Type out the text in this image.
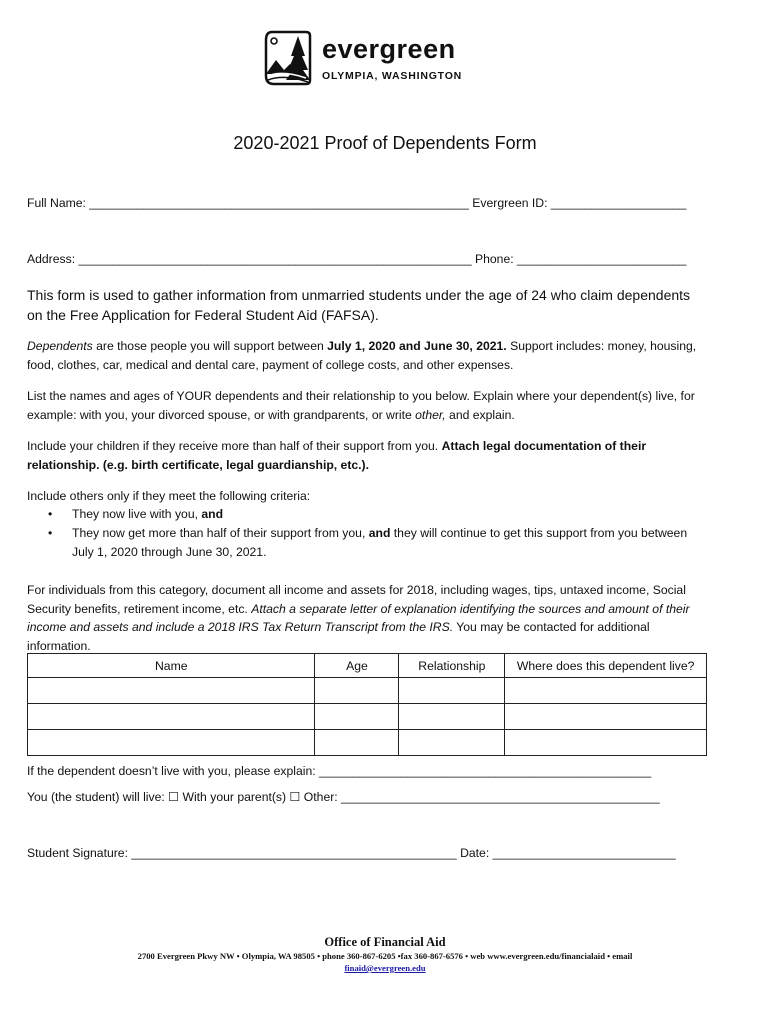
evergreen
OLYMPIA, WASHINGTON
2020-2021 Proof of Dependents Form
Full Name: ________________________________________________________ Evergreen ID: ____________________
Address: __________________________________________________________ Phone: _________________________
This form is used to gather information from unmarried students under the age of 24 who claim dependents on the Free Application for Federal Student Aid (FAFSA).
Dependents are those people you will support between July 1, 2020 and June 30, 2021. Support includes: money, housing, food, clothes, car, medical and dental care, payment of college costs, and other expenses.
List the names and ages of YOUR dependents and their relationship to you below. Explain where your dependent(s) live, for example: with you, your divorced spouse, or with grandparents, or write other, and explain.
Include your children if they receive more than half of their support from you. Attach legal documentation of their relationship. (e.g. birth certificate, legal guardianship, etc.).
Include others only if they meet the following criteria:
• They now live with you, and
• They now get more than half of their support from you, and they will continue to get this support from you between July 1, 2020 through June 30, 2021.
For individuals from this category, document all income and assets for 2018, including wages, tips, untaxed income, Social Security benefits, retirement income, etc. Attach a separate letter of explanation identifying the sources and amount of their income and assets and include a 2018 IRS Tax Return Transcript from the IRS. You may be contacted for additional information.
Name	Age	Relationship	Where does this dependent live?

If the dependent doesn’t live with you, please explain: _________________________________________________
You (the student) will live: ☐ With your parent(s) ☐ Other: _______________________________________________
Student Signature: ________________________________________________ Date: ___________________________
Office of Financial Aid
2700 Evergreen Pkwy NW • Olympia, WA 98505 • phone 360-867-6205 •fax 360-867-6576 • web www.evergreen.edu/financialaid • email
finaid@evergreen.edu
